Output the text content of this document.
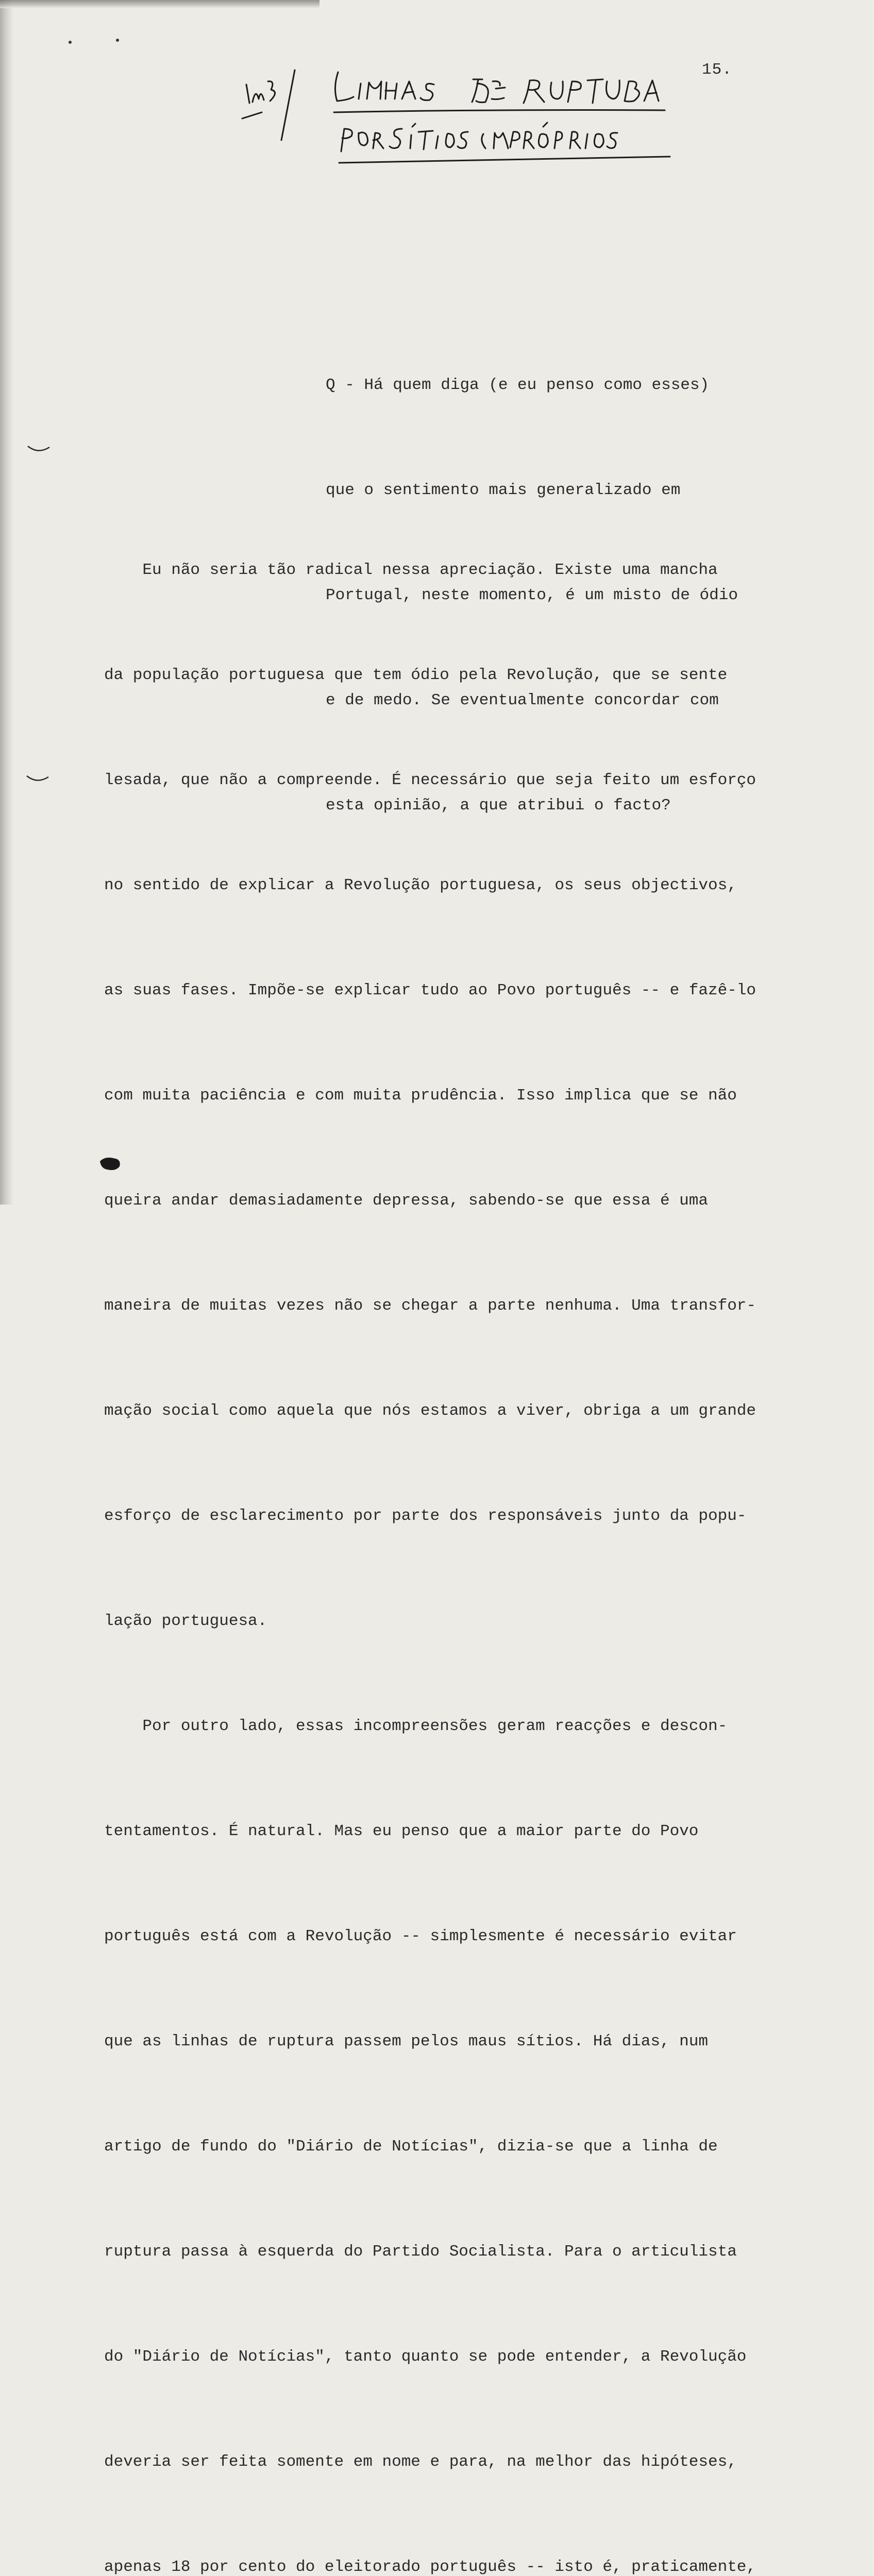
15.

Q - Há quem diga (e eu penso como esses)

que o sentimento mais generalizado em

Portugal, neste momento, é um misto de ódio

e de medo. Se eventualmente concordar com

esta opinião, a que atribui o facto?

Eu não seria tão radical nessa apreciação. Existe uma mancha

da população portuguesa que tem ódio pela Revolução, que se sente

lesada, que não a compreende. É necessário que seja feito um esforço

no sentido de explicar a Revolução portuguesa, os seus objectivos,

as suas fases. Impõe-se explicar tudo ao Povo português -- e fazê-lo

com muita paciência e com muita prudência. Isso implica que se não

queira andar demasiadamente depressa, sabendo-se que essa é uma

maneira de muitas vezes não se chegar a parte nenhuma. Uma transfor-

mação social como aquela que nós estamos a viver, obriga a um grande

esforço de esclarecimento por parte dos responsáveis junto da popu-

lação portuguesa.

Por outro lado, essas incompreensões geram reacções e descon-

tentamentos. É natural. Mas eu penso que a maior parte do Povo

português está com a Revolução -- simplesmente é necessário evitar

que as linhas de ruptura passem pelos maus sítios. Há dias, num

artigo de fundo do "Diário de Notícias", dizia-se que a linha de

ruptura passa à esquerda do Partido Socialista. Para o articulista

do "Diário de Notícias", tanto quanto se pode entender, a Revolução

deveria ser feita somente em nome e para, na melhor das hipóteses,

apenas 18 por cento do eleitorado português -- isto é, praticamente,
